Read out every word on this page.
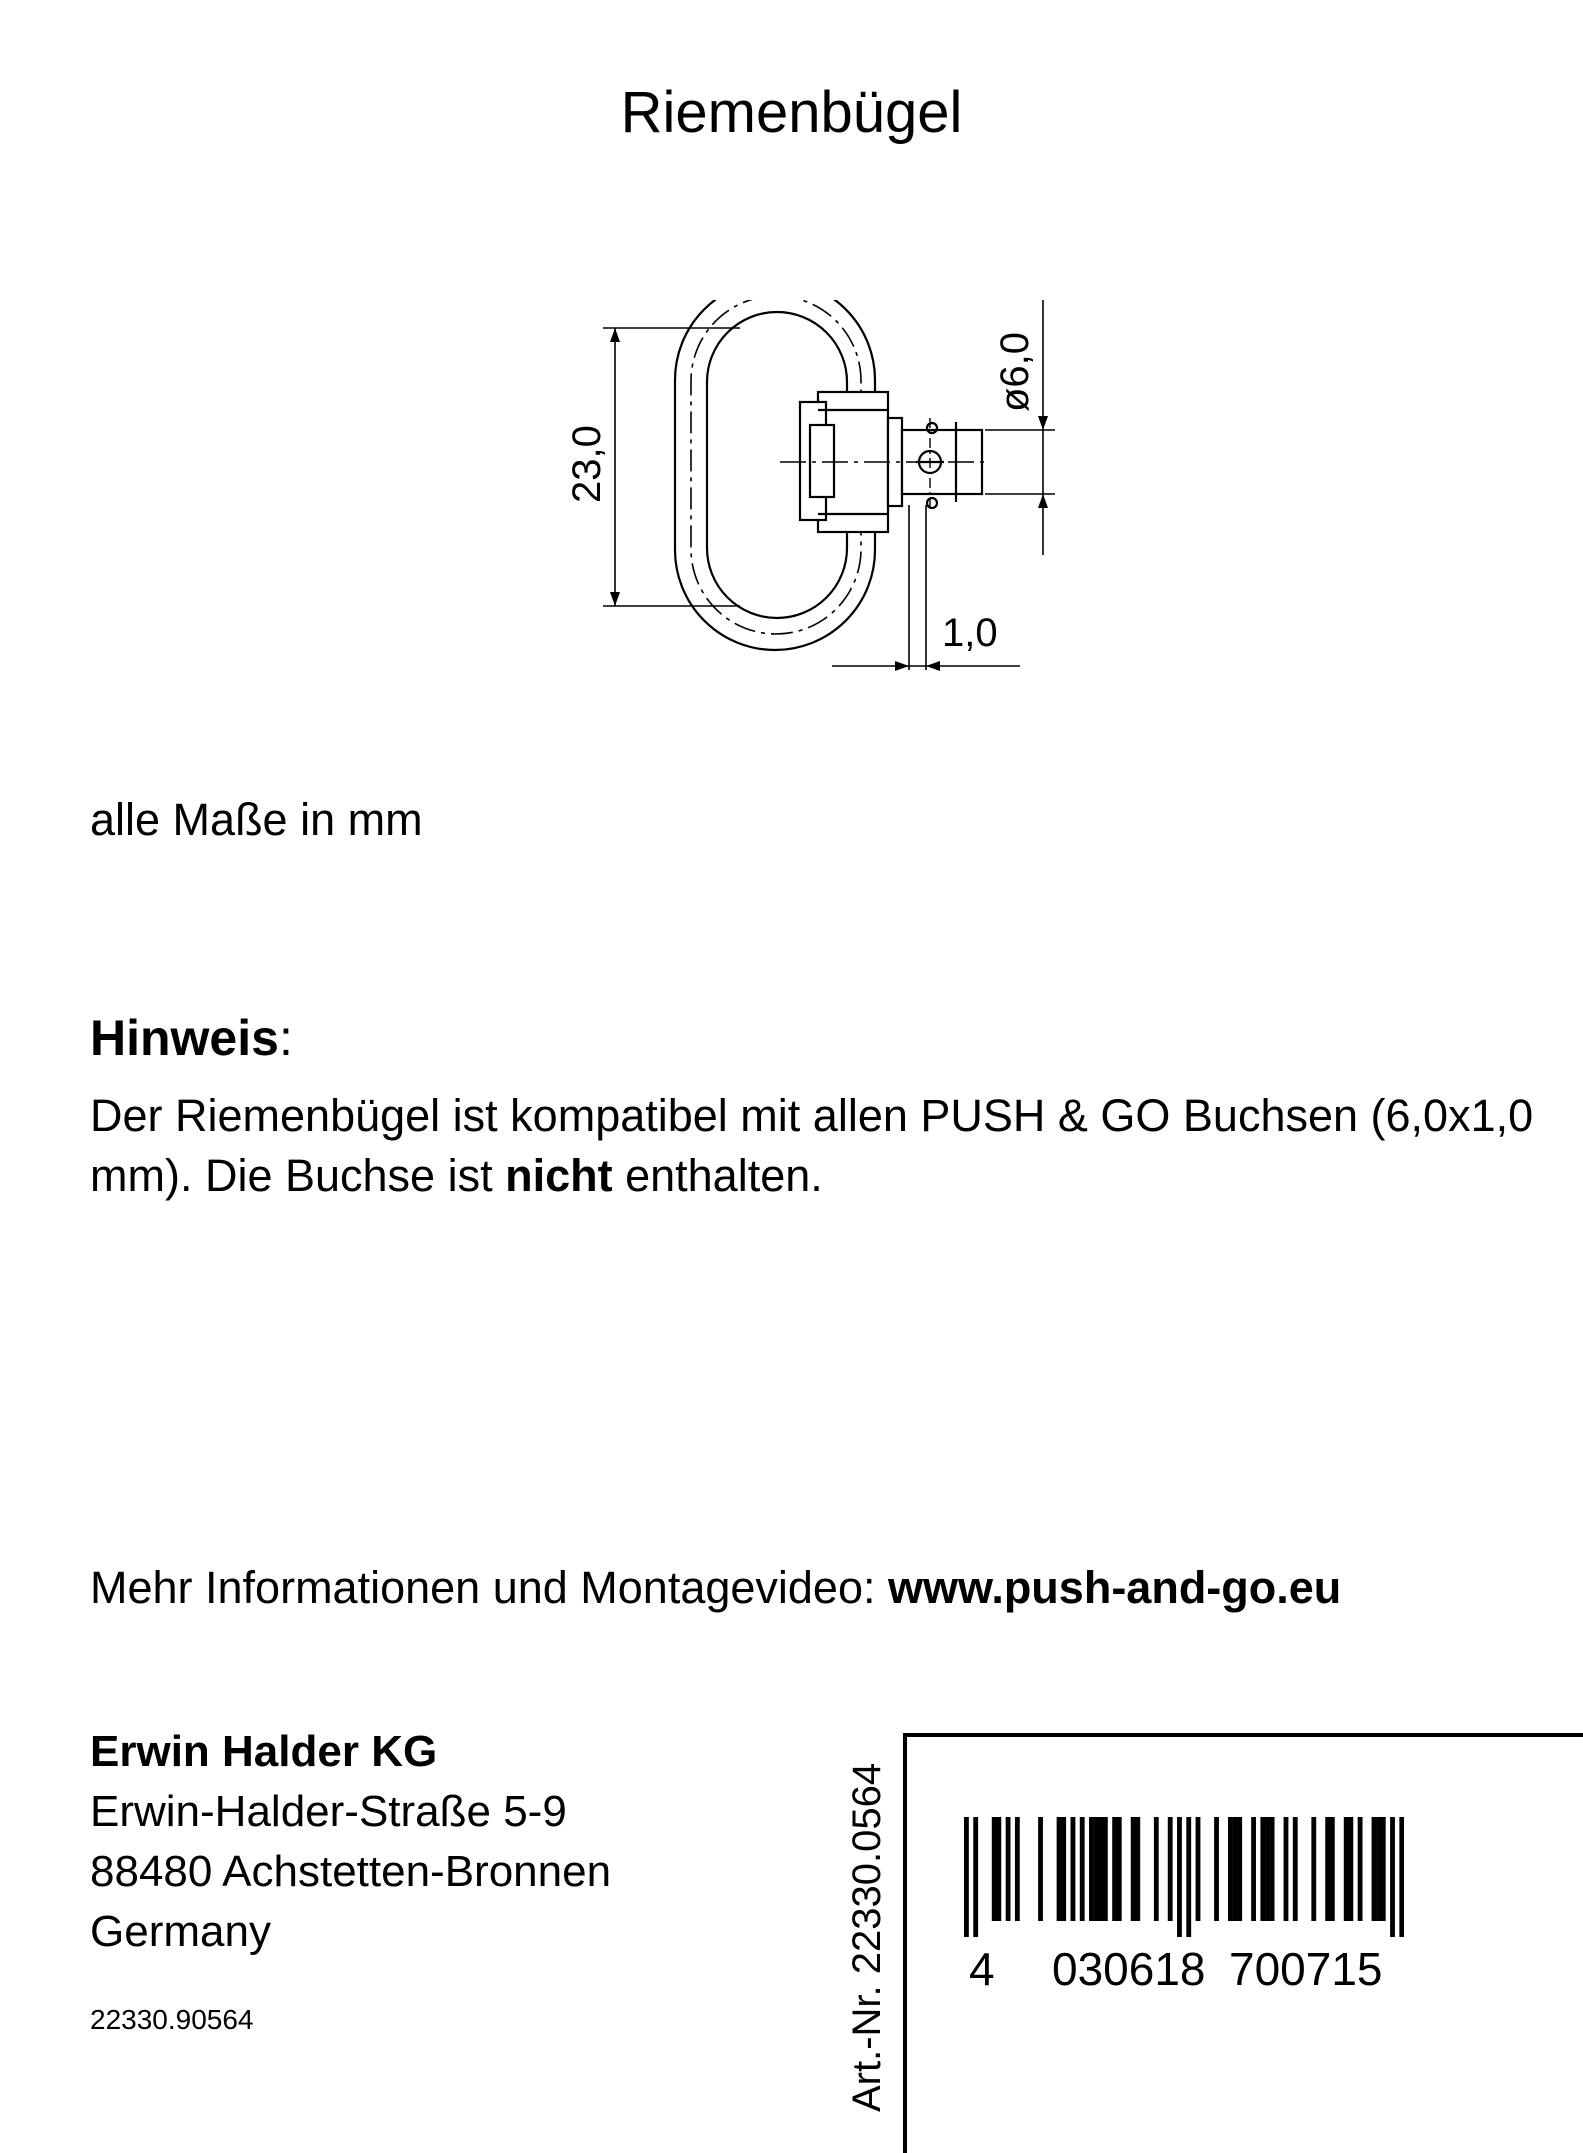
Riemenbügel
23,0
ø6,0
1,0
alle Maße in mm
Hinweis:
Der Riemenbügel ist kompatibel mit allen PUSH & GO Buchsen (6,0x1,0 mm). Die Buchse ist nicht enthalten.
Mehr Informationen und Montagevideo: www.push-and-go.eu
Erwin Halder KG
Erwin-Halder-Straße 5-9
88480 Achstetten-Bronnen
Germany
22330.90564	Art.-Nr. 22330.0564 4 030618 700715
